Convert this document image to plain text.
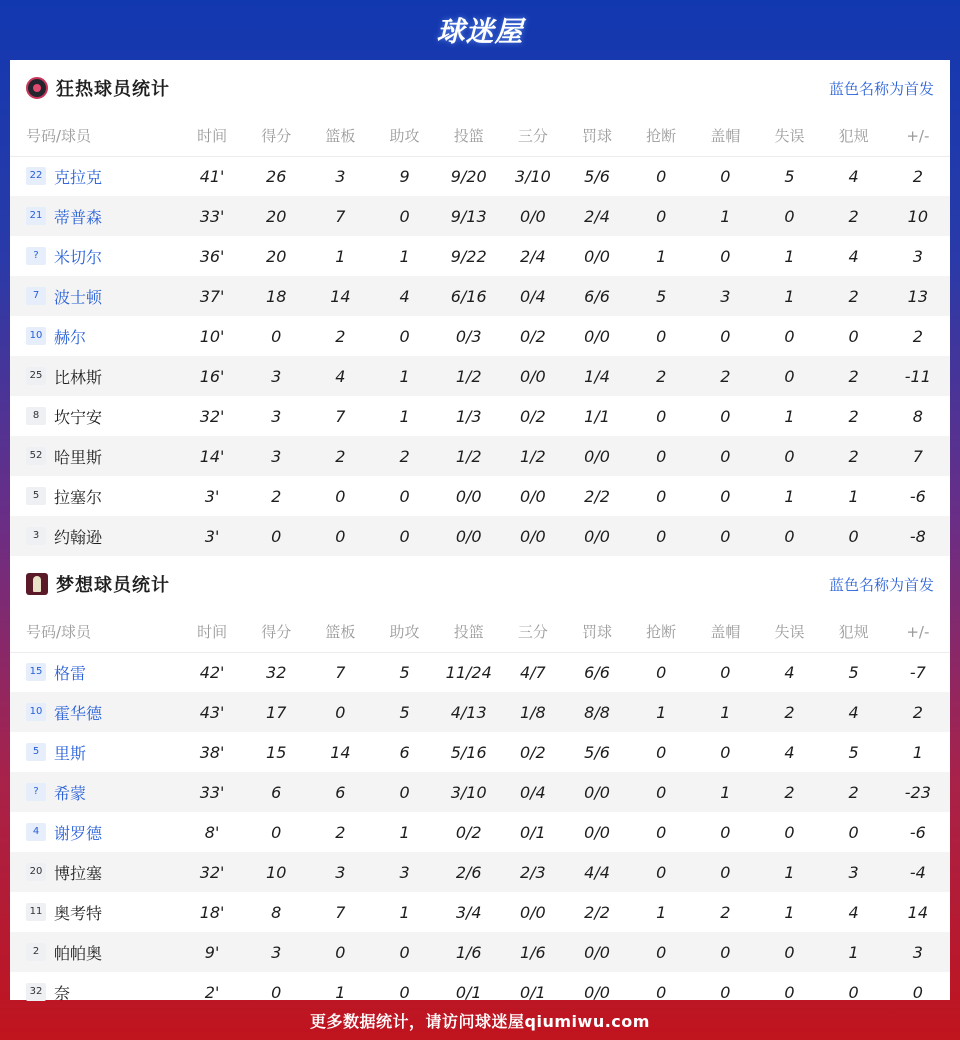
球迷屋
狂热球员统计	蓝色名称为首发
号码/球员	时间	得分	篮板	助攻	投篮	三分	罚球	抢断	盖帽	失误	犯规	+/-
22 克拉克	41'	26	3	9	9/20	3/10	5/6	0	0	5	4	2
21 蒂普森	33'	20	7	0	9/13	0/0	2/4	0	1	0	2	10
? 米切尔	36'	20	1	1	9/22	2/4	0/0	1	0	1	4	3
7 波士顿	37'	18	14	4	6/16	0/4	6/6	5	3	1	2	13
10 赫尔	10'	0	2	0	0/3	0/2	0/0	0	0	0	0	2
25 比林斯	16'	3	4	1	1/2	0/0	1/4	2	2	0	2	-11
8 坎宁安	32'	3	7	1	1/3	0/2	1/1	0	0	1	2	8
52 哈里斯	14'	3	2	2	1/2	1/2	0/0	0	0	0	2	7
5 拉塞尔	3'	2	0	0	0/0	0/0	2/2	0	0	1	1	-6
3 约翰逊	3'	0	0	0	0/0	0/0	0/0	0	0	0	0	-8
梦想球员统计	蓝色名称为首发
号码/球员	时间	得分	篮板	助攻	投篮	三分	罚球	抢断	盖帽	失误	犯规	+/-
15 格雷	42'	32	7	5	11/24	4/7	6/6	0	0	4	5	-7
10 霍华德	43'	17	0	5	4/13	1/8	8/8	1	1	2	4	2
5 里斯	38'	15	14	6	5/16	0/2	5/6	0	0	4	5	1
? 希蒙	33'	6	6	0	3/10	0/4	0/0	0	1	2	2	-23
4 谢罗德	8'	0	2	1	0/2	0/1	0/0	0	0	0	0	-6
20 博拉塞	32'	10	3	3	2/6	2/3	4/4	0	0	1	3	-4
11 奥考特	18'	8	7	1	3/4	0/0	2/2	1	2	1	4	14
2 帕帕奥	9'	3	0	0	1/6	1/6	0/0	0	0	0	1	3
32 奈	2'	0	1	0	0/1	0/1	0/0	0	0	0	0	0
更多数据统计，请访问球迷屋qiumiwu.com
